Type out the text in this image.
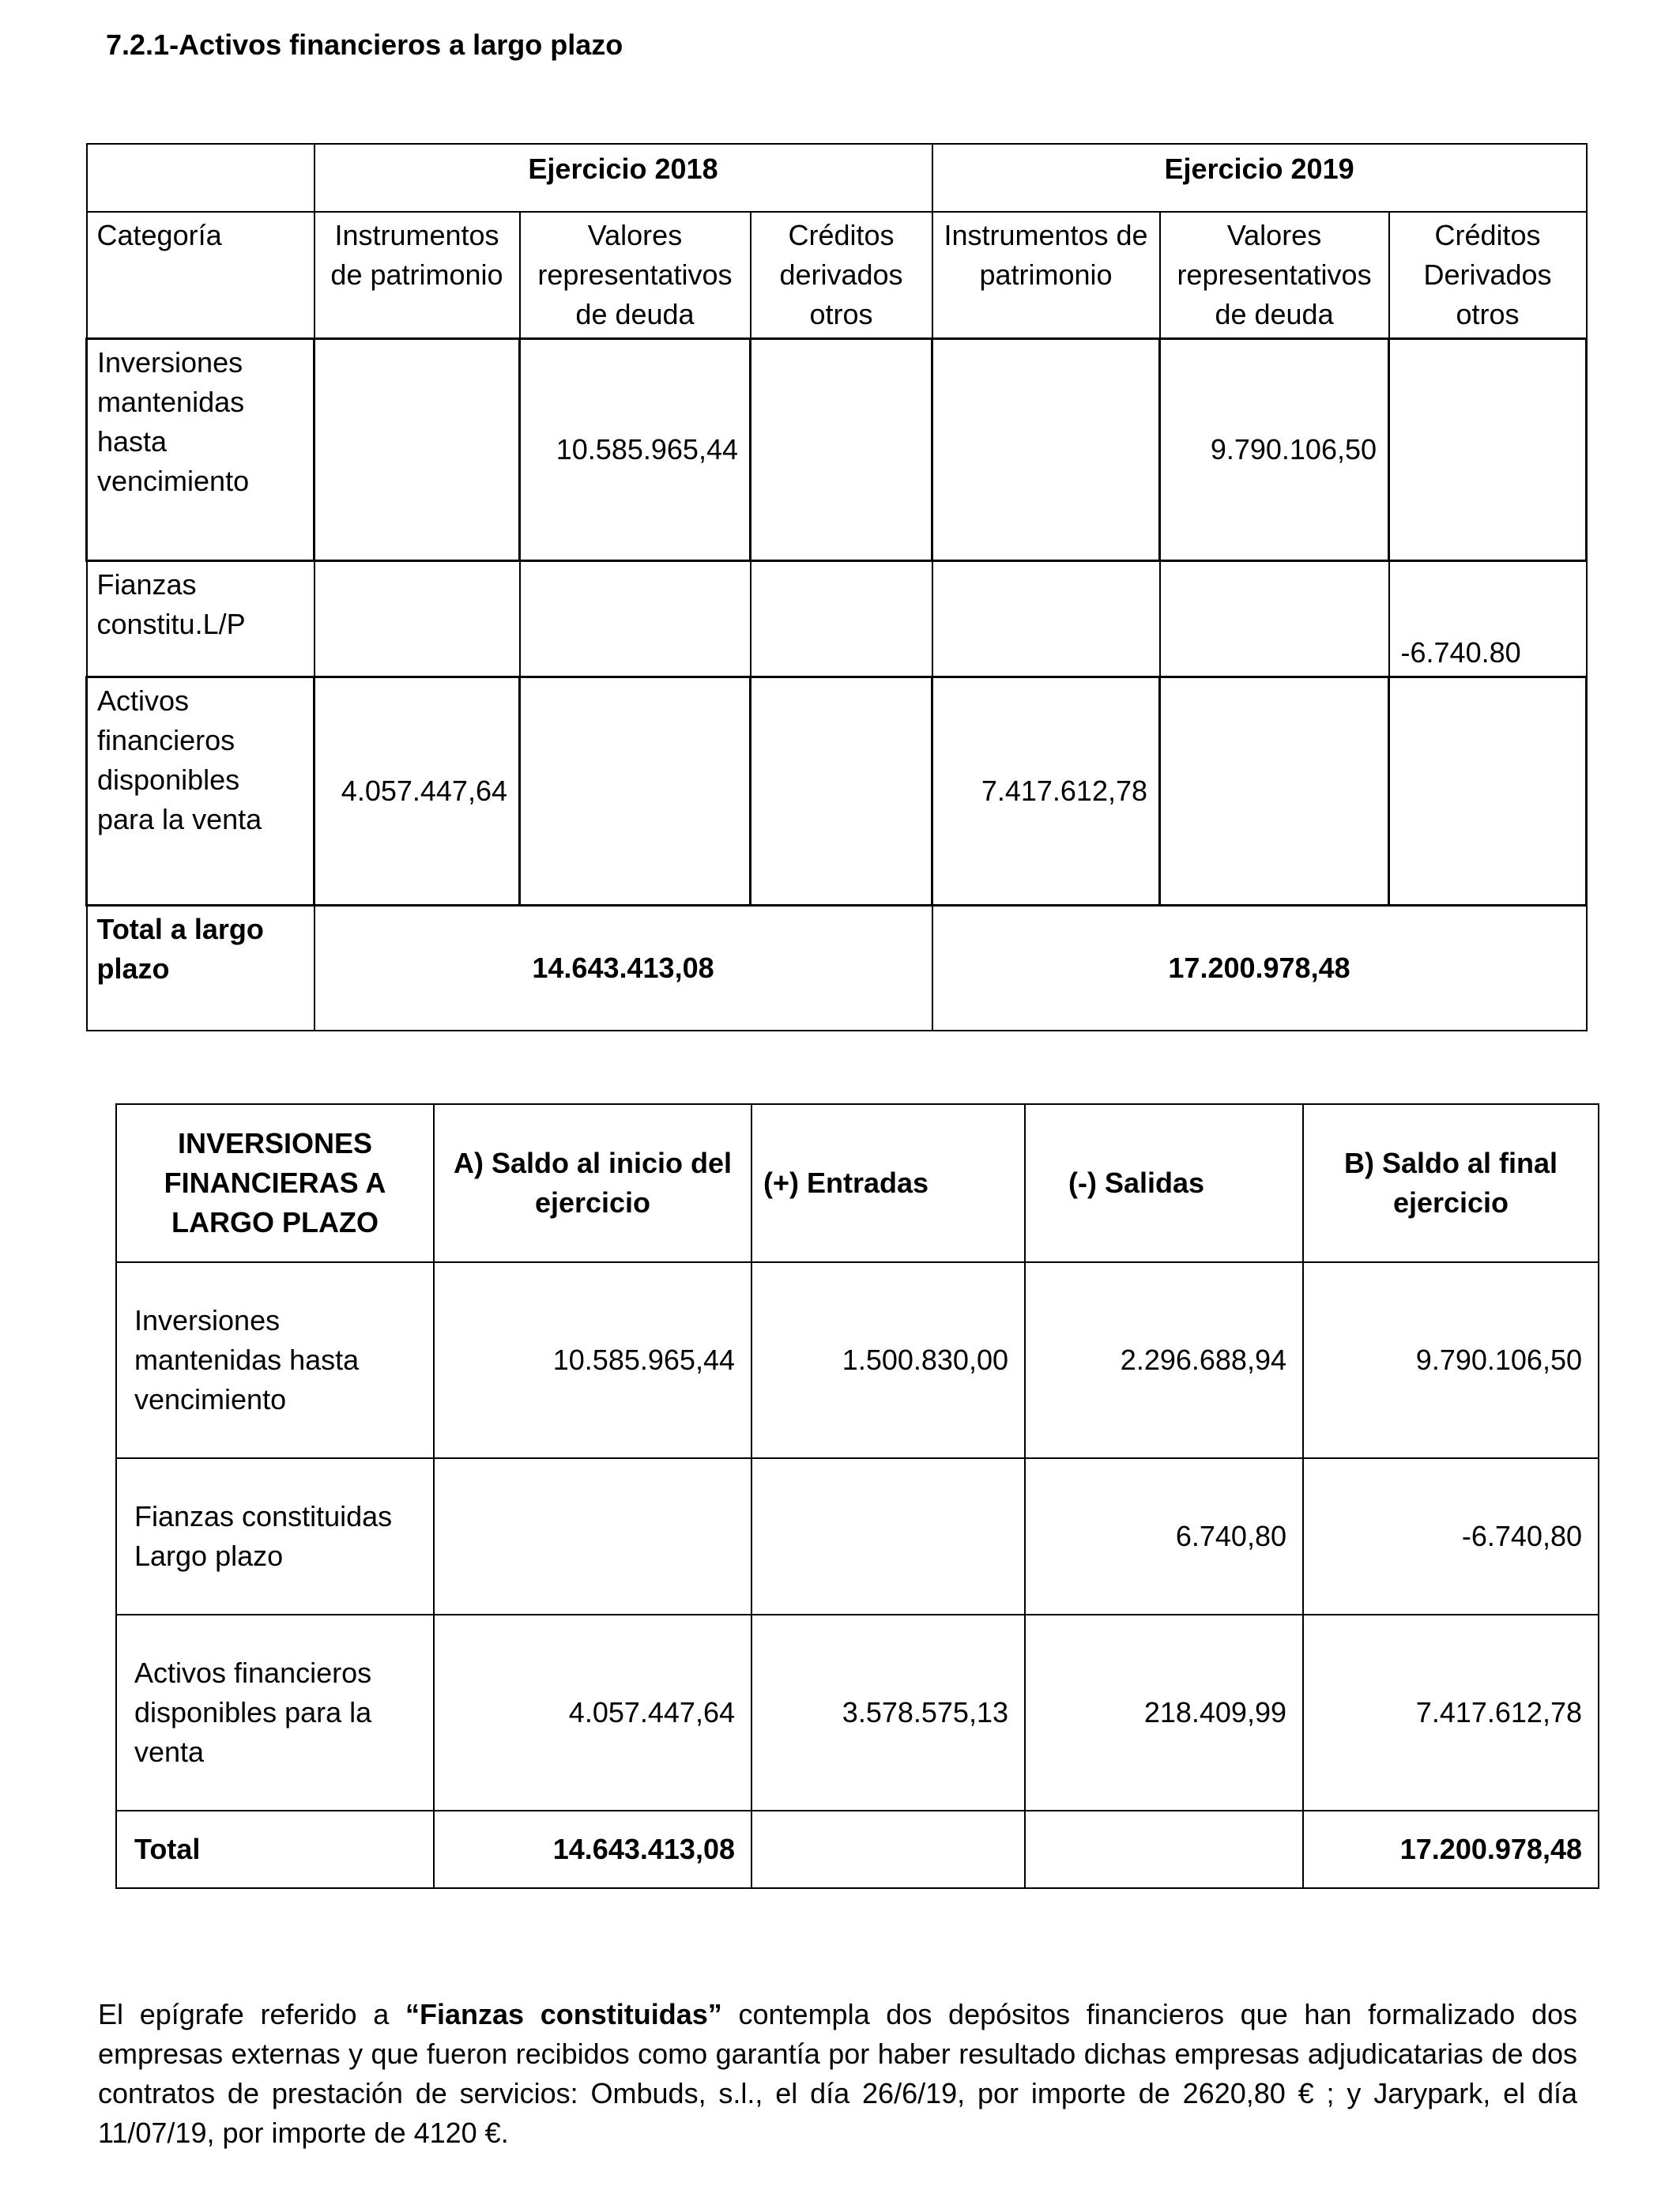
7.2.1-Activos financieros a largo plazo
	Ejercicio 2018			Ejercicio 2019		
Categoría	Instrumentos de patrimonio	Valores representativos de deuda	Créditos derivados otros	Instrumentos de patrimonio	Valores representativos de deuda	Créditos Derivados otros
Inversiones mantenidas hasta vencimiento		10.585.965,44			9.790.106,50	
Fianzas constitu.L/P						-6.740.80
Activos financieros disponibles para la venta	4.057.447,64			7.417.612,78		
Total a largo plazo	14.643.413,08			17.200.978,48		
INVERSIONES FINANCIERAS A LARGO PLAZO	A) Saldo al inicio del ejercicio	(+) Entradas	(-) Salidas	B) Saldo al final ejercicio
Inversiones mantenidas hasta vencimiento	10.585.965,44	1.500.830,00	2.296.688,94	9.790.106,50
Fianzas constituidas Largo plazo			6.740,80	-6.740,80
Activos financieros disponibles para la venta	4.057.447,64	3.578.575,13	218.409,99	7.417.612,78
Total	14.643.413,08			17.200.978,48

El epígrafe referido a “Fianzas constituidas” contempla dos depósitos financieros que han formalizado dos empresas externas y que fueron recibidos como garantía por haber resultado dichas empresas adjudicatarias de dos contratos de prestación de servicios: Ombuds, s.l., el día 26/6/19, por importe de 2620,80 € ; y Jarypark, el día 11/07/19, por importe de 4120 €.
